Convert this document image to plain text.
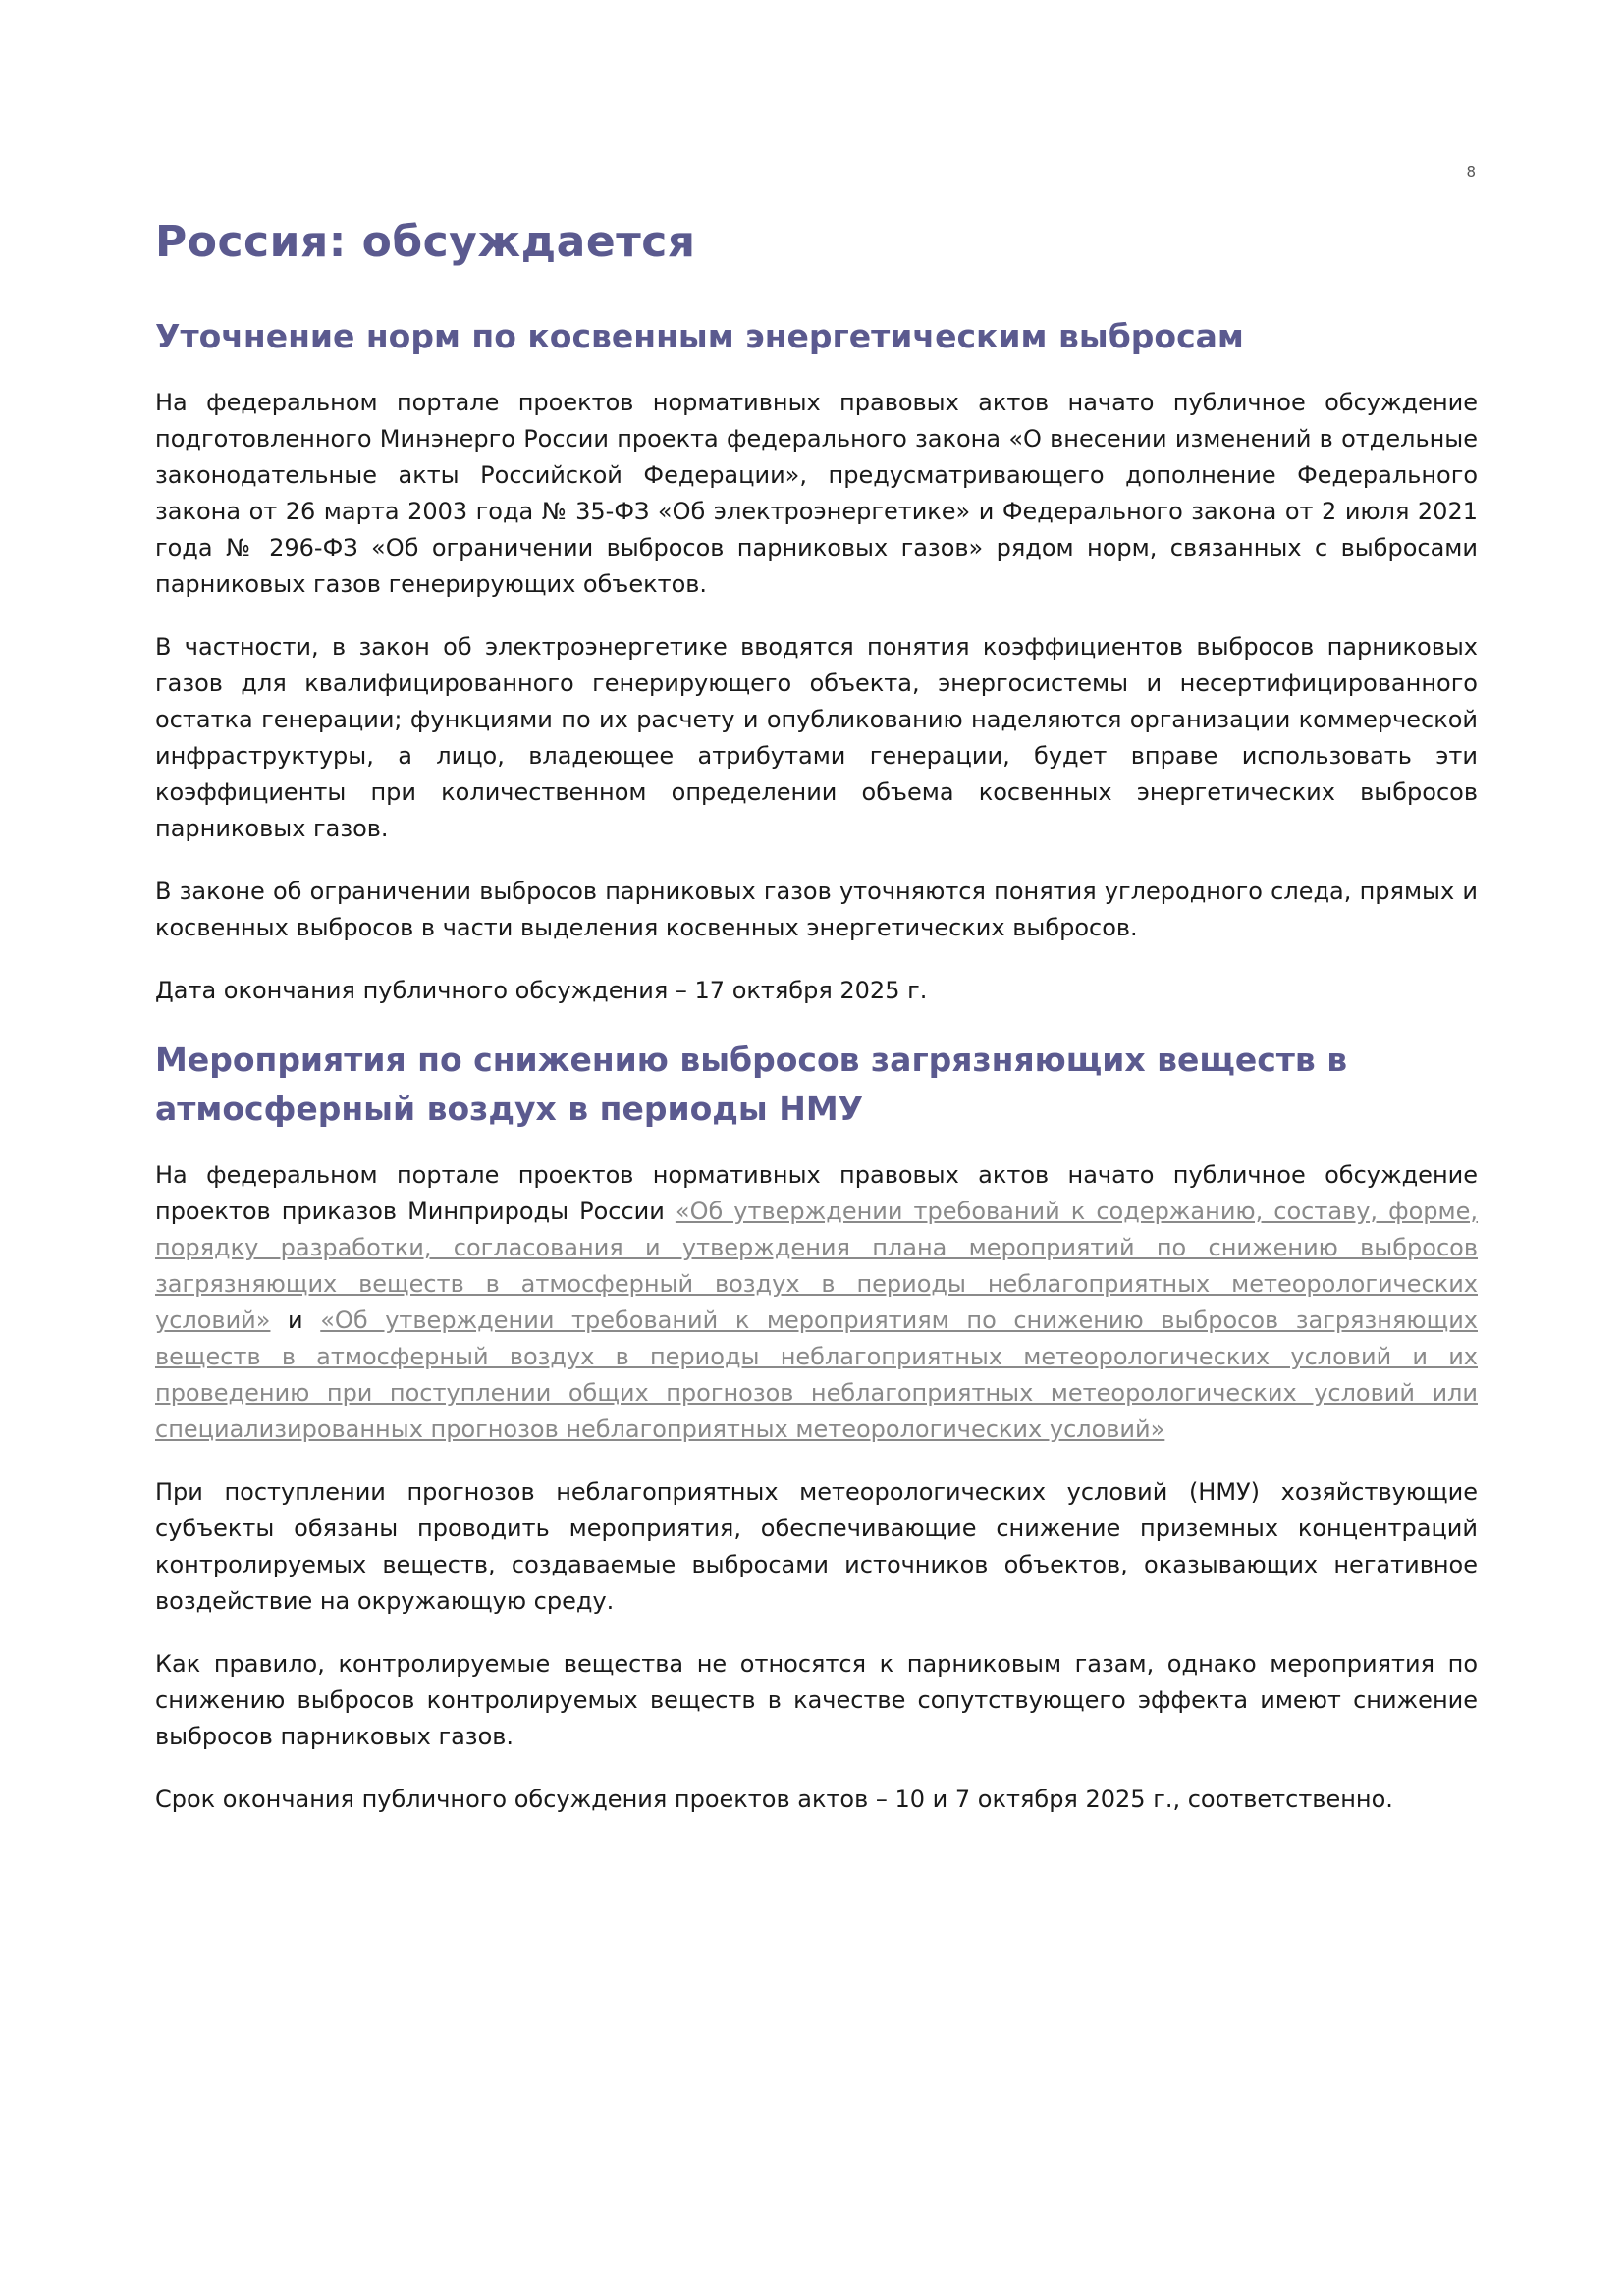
8
Россия: обсуждается
Уточнение норм по косвенным энергетическим выбросам

На федеральном портале проектов нормативных правовых актов начато публичное обсуждение подготовленного Минэнерго России проекта федерального закона «О внесении изменений в отдельные законодательные акты Российской Федерации», предусматривающего дополнение Федерального закона от 26 марта 2003 года № 35-ФЗ «Об электроэнергетике» и Федерального закона от 2 июля 2021 года № 296-ФЗ «Об ограничении выбросов парниковых газов» рядом норм, связанных с выбросами парниковых газов генерирующих объектов.

В частности, в закон об электроэнергетике вводятся понятия коэффициентов выбросов парниковых газов для квалифицированного генерирующего объекта, энергосистемы и несертифицированного остатка генерации; функциями по их расчету и опубликованию наделяются организации коммерческой инфраструктуры, а лицо, владеющее атрибутами генерации, будет вправе использовать эти коэффициенты при количественном определении объема косвенных энергетических выбросов парниковых газов.

В законе об ограничении выбросов парниковых газов уточняются понятия углеродного следа, прямых и косвенных выбросов в части выделения косвенных энергетических выбросов.

Дата окончания публичного обсуждения – 17 октября 2025 г.

Мероприятия по снижению выбросов загрязняющих веществ в атмосферный воздух в периоды НМУ

На федеральном портале проектов нормативных правовых актов начато публичное обсуждение проектов приказов Минприроды России «Об утверждении требований к содержанию, составу, форме, порядку разработки, согласования и утверждения плана мероприятий по снижению выбросов загрязняющих веществ в атмосферный воздух в периоды неблагоприятных метеорологических условий» и «Об утверждении требований к мероприятиям по снижению выбросов загрязняющих веществ в атмосферный воздух в периоды неблагоприятных метеорологических условий и их проведению при поступлении общих прогнозов неблагоприятных метеорологических условий или специализированных прогнозов неблагоприятных метеорологических условий»

При поступлении прогнозов неблагоприятных метеорологических условий (НМУ) хозяйствующие субъекты обязаны проводить мероприятия, обеспечивающие снижение приземных концентраций контролируемых веществ, создаваемые выбросами источников объектов, оказывающих негативное воздействие на окружающую среду.

Как правило, контролируемые вещества не относятся к парниковым газам, однако мероприятия по снижению выбросов контролируемых веществ в качестве сопутствующего эффекта имеют снижение выбросов парниковых газов.

Срок окончания публичного обсуждения проектов актов – 10 и 7 октября 2025 г., соответственно.
